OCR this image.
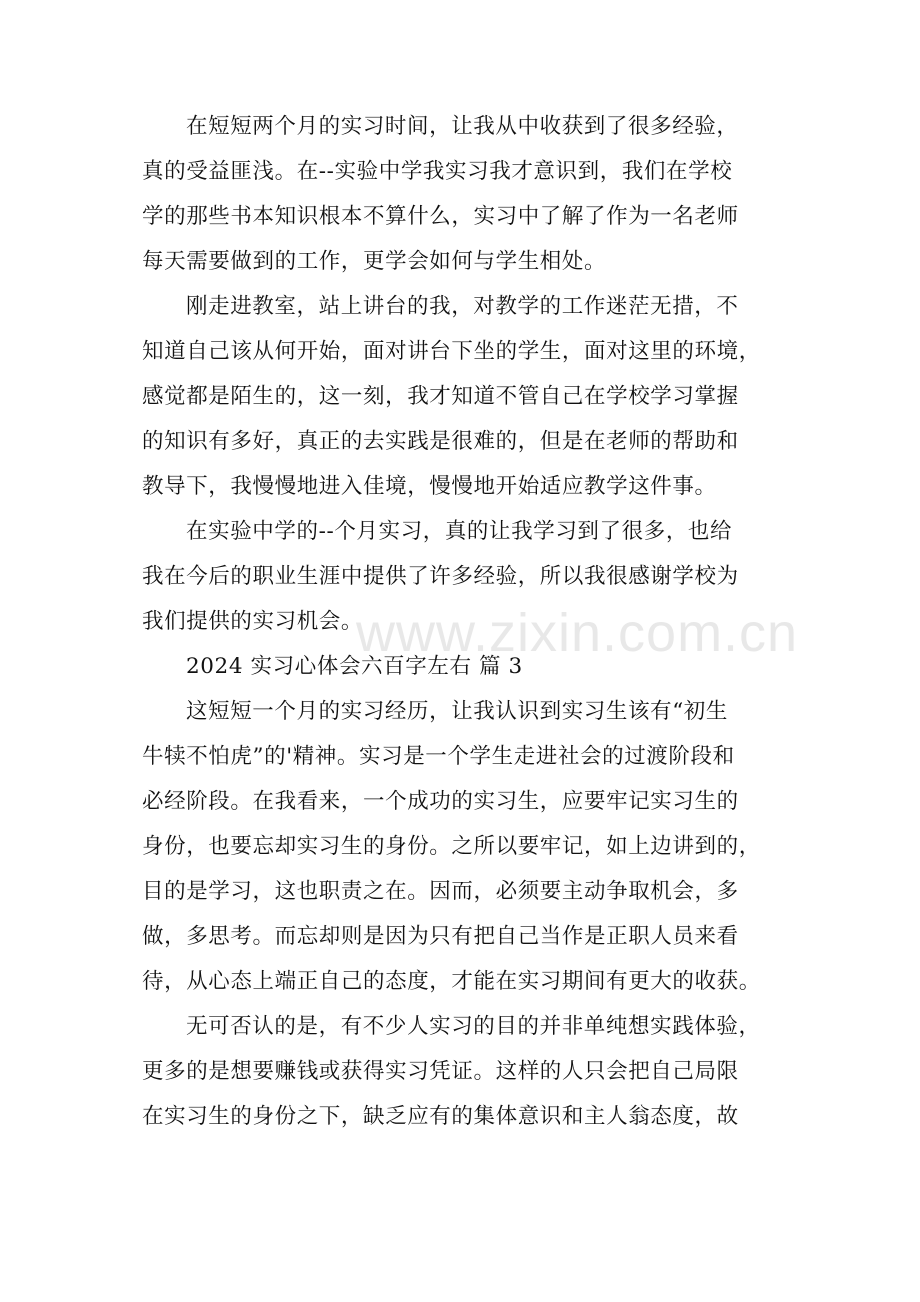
www.zixin.com.cn
在短短两个月的实习时间，让我从中收获到了很多经验，
真的受益匪浅。在--实验中学我实习我才意识到，我们在学校
学的那些书本知识根本不算什么，实习中了解了作为一名老师
每天需要做到的工作，更学会如何与学生相处。
刚走进教室，站上讲台的我，对教学的工作迷茫无措，不
知道自己该从何开始，面对讲台下坐的学生，面对这里的环境，
感觉都是陌生的，这一刻，我才知道不管自己在学校学习掌握
的知识有多好，真正的去实践是很难的，但是在老师的帮助和
教导下，我慢慢地进入佳境，慢慢地开始适应教学这件事。
在实验中学的--个月实习，真的让我学习到了很多，也给
我在今后的职业生涯中提供了许多经验，所以我很感谢学校为
我们提供的实习机会。
2024 实习心体会六百字左右 篇 3
这短短一个月的实习经历，让我认识到实习生该有“初生
牛犊不怕虎”的'精神。实习是一个学生走进社会的过渡阶段和
必经阶段。在我看来，一个成功的实习生，应要牢记实习生的
身份，也要忘却实习生的身份。之所以要牢记，如上边讲到的，
目的是学习，这也职责之在。因而，必须要主动争取机会，多
做，多思考。而忘却则是因为只有把自己当作是正职人员来看
待，从心态上端正自己的态度，才能在实习期间有更大的收获。
无可否认的是，有不少人实习的目的并非单纯想实践体验，
更多的是想要赚钱或获得实习凭证。这样的人只会把自己局限
在实习生的身份之下，缺乏应有的集体意识和主人翁态度，故
